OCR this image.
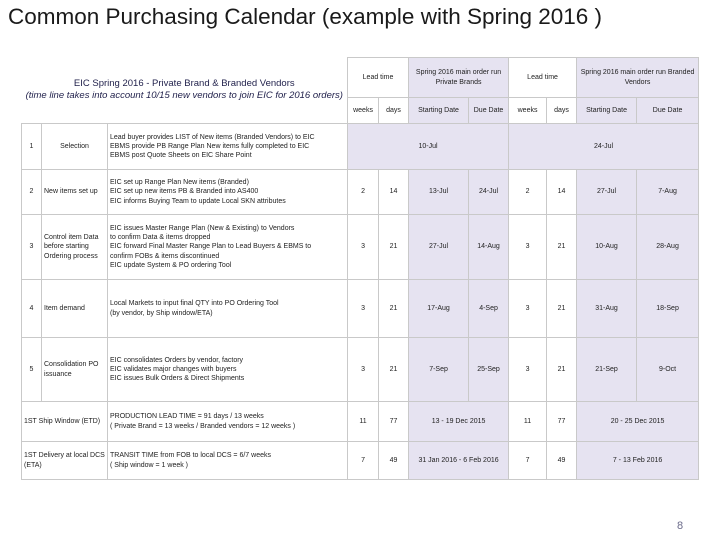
Common Purchasing Calendar (example with Spring 2016 )
EIC Spring 2016 - Private Brand & Branded Vendors
(time line takes into account 10/15 new vendors to join EIC for 2016 orders)			Lead time		Spring 2016 main order run Private Brands		Lead time		Spring 2016 main order run Branded Vendors	
			weeks	days	Starting Date	Due Date	weeks	days	Starting Date	Due Date
1	Selection	Lead buyer provides LIST of New items (Branded Vendors) to EIC
EBMS provide PB Range Plan New items fully completed to EIC
EBMS post Quote Sheets on EIC Share Point	10-Jul				24-Jul			
2	New items set up	EIC set up Range Plan New items (Branded)
EIC set up new items PB & Branded into AS400
EIC informs Buying Team to update Local SKN attributes	2	14	13-Jul	24-Jul	2	14	27-Jul	7-Aug
3	Control item Data before starting Ordering process	EIC issues Master Range Plan (New & Existing) to Vendors
to confirm Data & items dropped
EIC forward Final Master Range Plan to Lead Buyers & EBMS to
confirm FOBs & items discontinued
EIC update System & PO ordering Tool	3	21	27-Jul	14-Aug	3	21	10-Aug	28-Aug
4	Item demand	Local Markets to input final QTY into PO Ordering Tool
(by vendor, by Ship window/ETA)	3	21	17-Aug	4-Sep	3	21	31-Aug	18-Sep
5	Consolidation PO issuance	EIC consolidates Orders by vendor, factory
EIC validates major changes with buyers
EIC issues Bulk Orders & Direct Shipments	3	21	7-Sep	25-Sep	3	21	21-Sep	9-Oct
1ST Ship Window (ETD)		PRODUCTION LEAD TIME = 91 days / 13 weeks
( Private Brand = 13 weeks / Branded vendors = 12 weeks )	11	77	13 - 19 Dec 2015		11	77	20 - 25 Dec 2015	
1ST Delivery at local DCS (ETA)		TRANSIT TIME from FOB to local DCS = 6/7 weeks
( Ship window = 1 week )	7	49	31 Jan 2016 - 6 Feb 2016		7	49	7 - 13 Feb 2016	
8
